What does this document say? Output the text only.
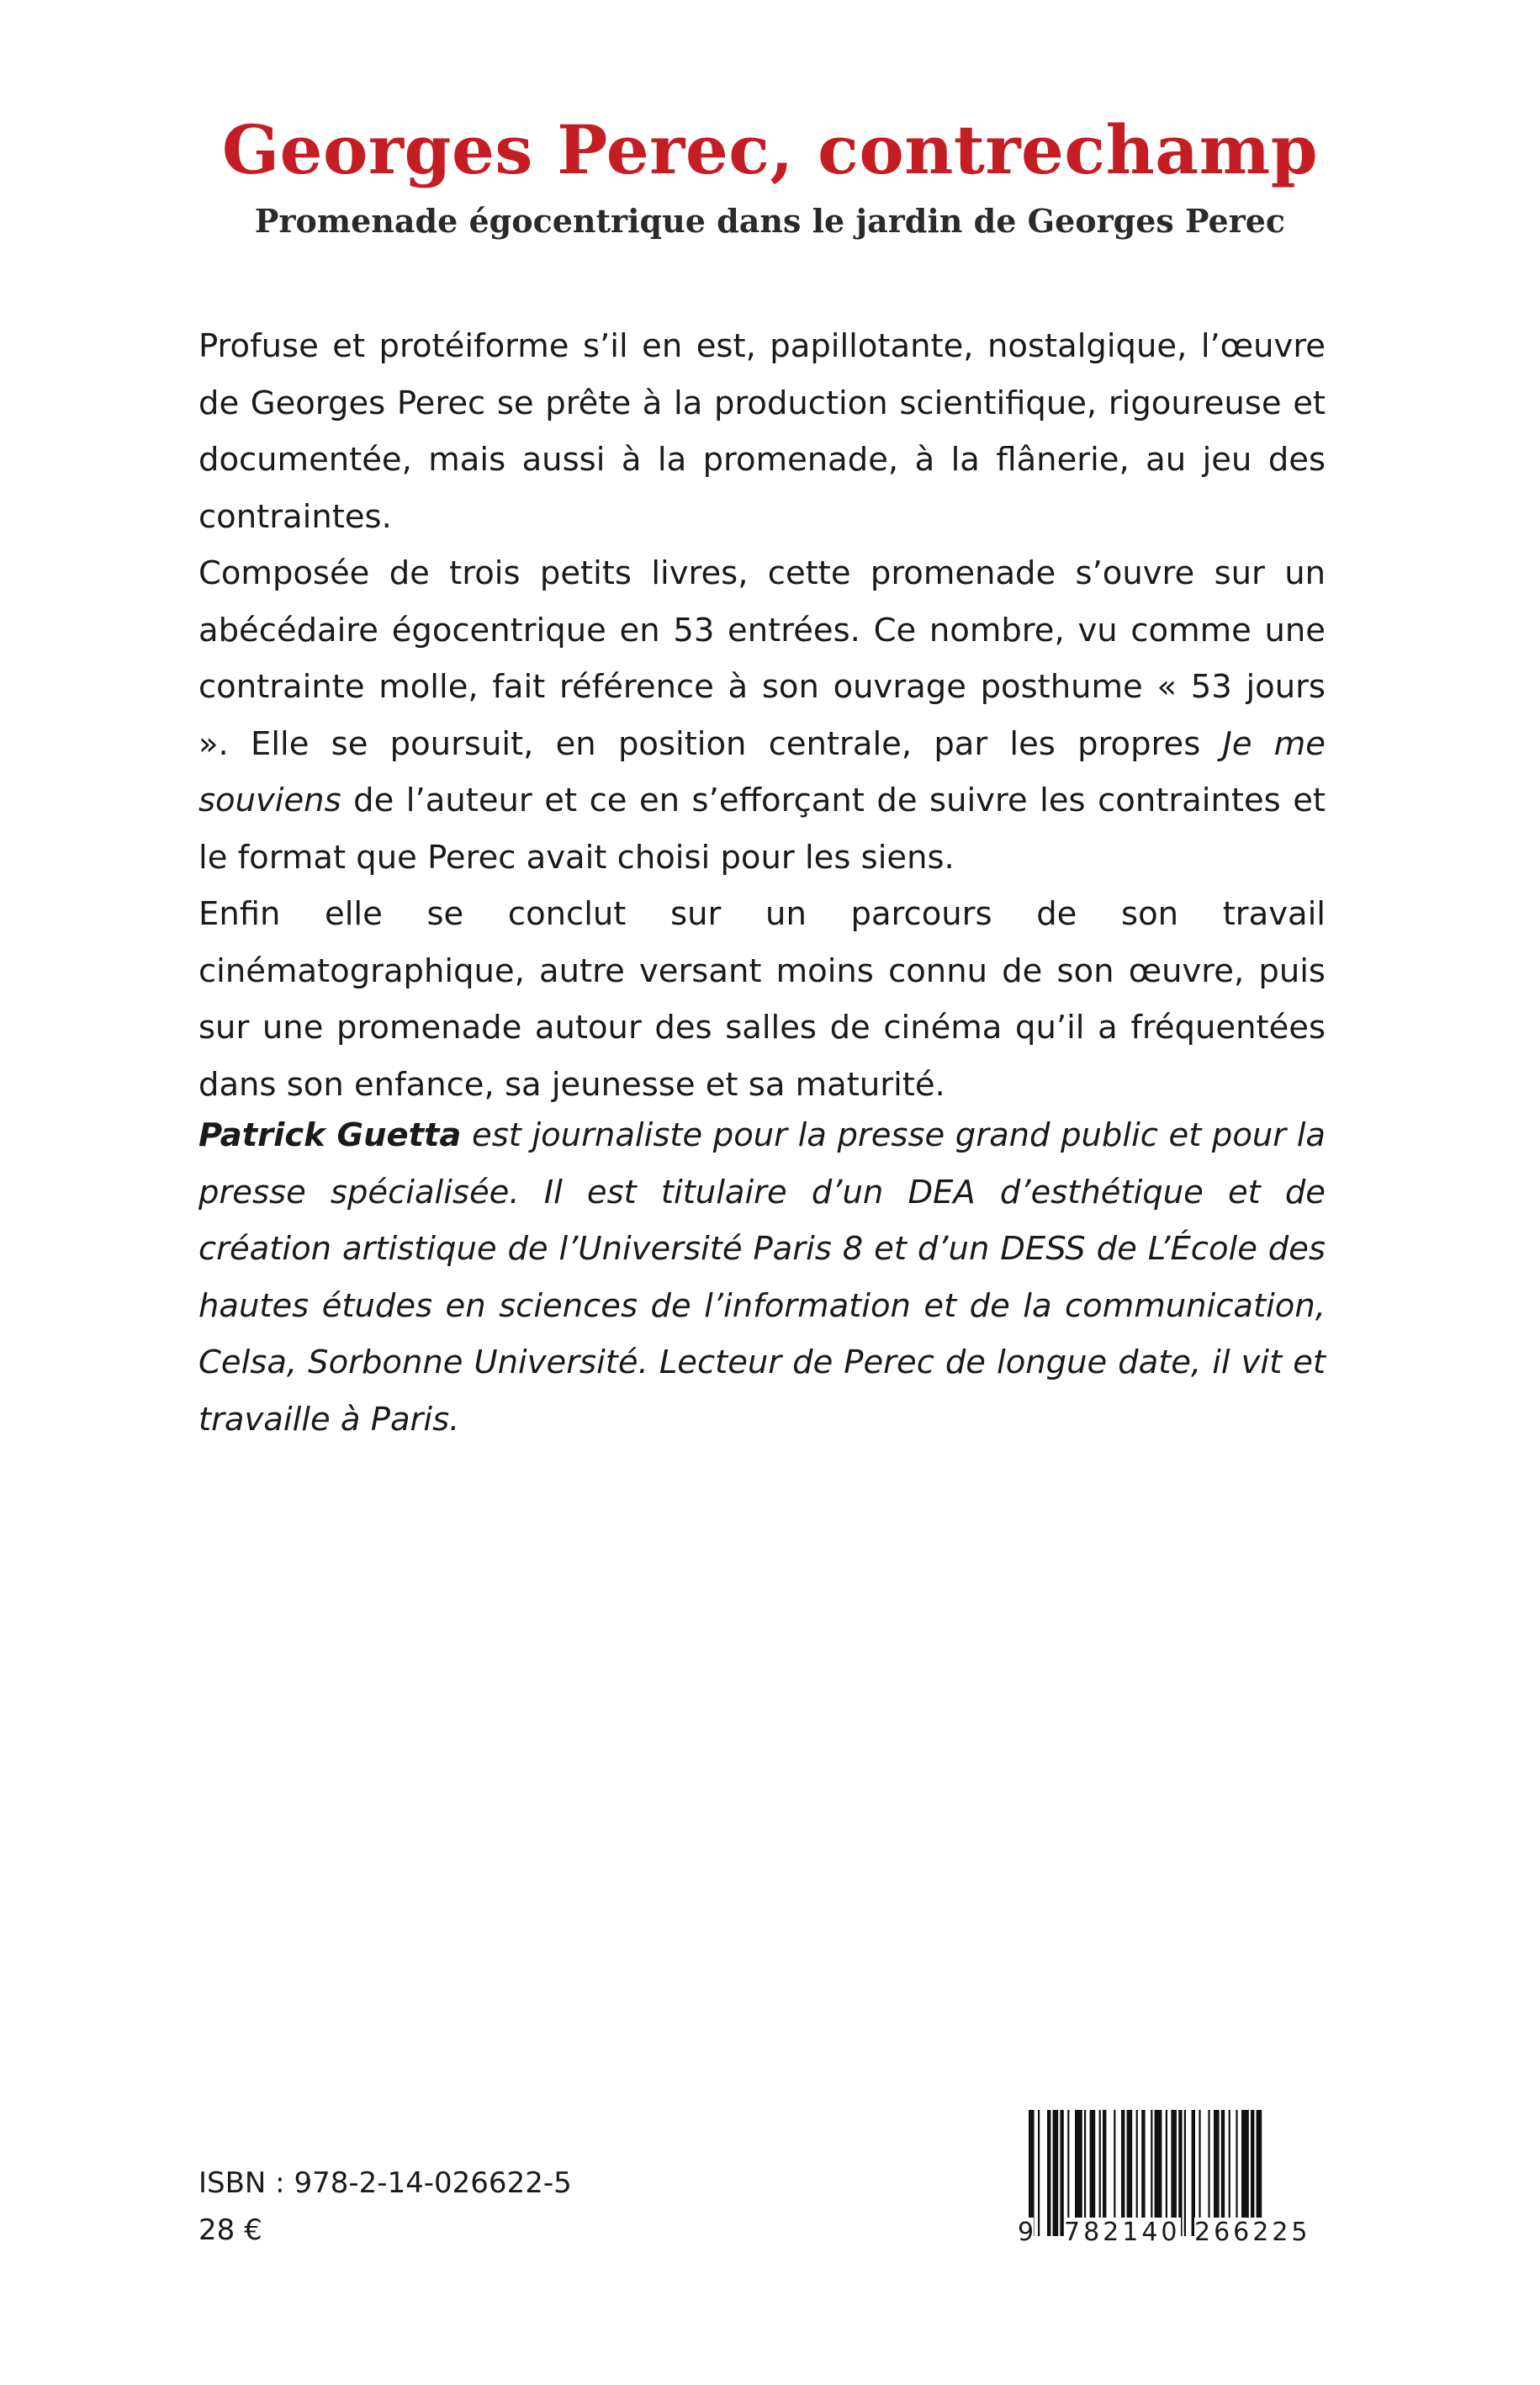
Georges Perec, contrechamp
Promenade égocentrique dans le jardin de Georges Perec

Profuse et protéiforme s’il en est, papillotante, nostalgique, l’œuvre de Georges Perec se prête à la production scientifique, rigoureuse et documentée, mais aussi à la promenade, à la flânerie, au jeu des contraintes.

Composée de trois petits livres, cette promenade s’ouvre sur un abécédaire égocentrique en 53 entrées. Ce nombre, vu comme une contrainte molle, fait référence à son ouvrage posthume « 53 jours ». Elle se poursuit, en position centrale, par les propres Je me souviens de l’auteur et ce en s’efforçant de suivre les contraintes et le format que Perec avait choisi pour les siens.

Enfin elle se conclut sur un parcours de son travail cinématographique, autre versant moins connu de son œuvre, puis sur une promenade autour des salles de cinéma qu’il a fréquentées dans son enfance, sa jeunesse et sa maturité.

Patrick Guetta est journaliste pour la presse grand public et pour la presse spécialisée. Il est titulaire d’un DEA d’esthétique et de création artistique de l’Université Paris 8 et d’un DESS de L’École des hautes études en sciences de l’information et de la communication, Celsa, Sorbonne Université. Lecteur de Perec de longue date, il vit et travaille à Paris.

ISBN : 978-2-14-026622-5
28 €	9 782140 266225
